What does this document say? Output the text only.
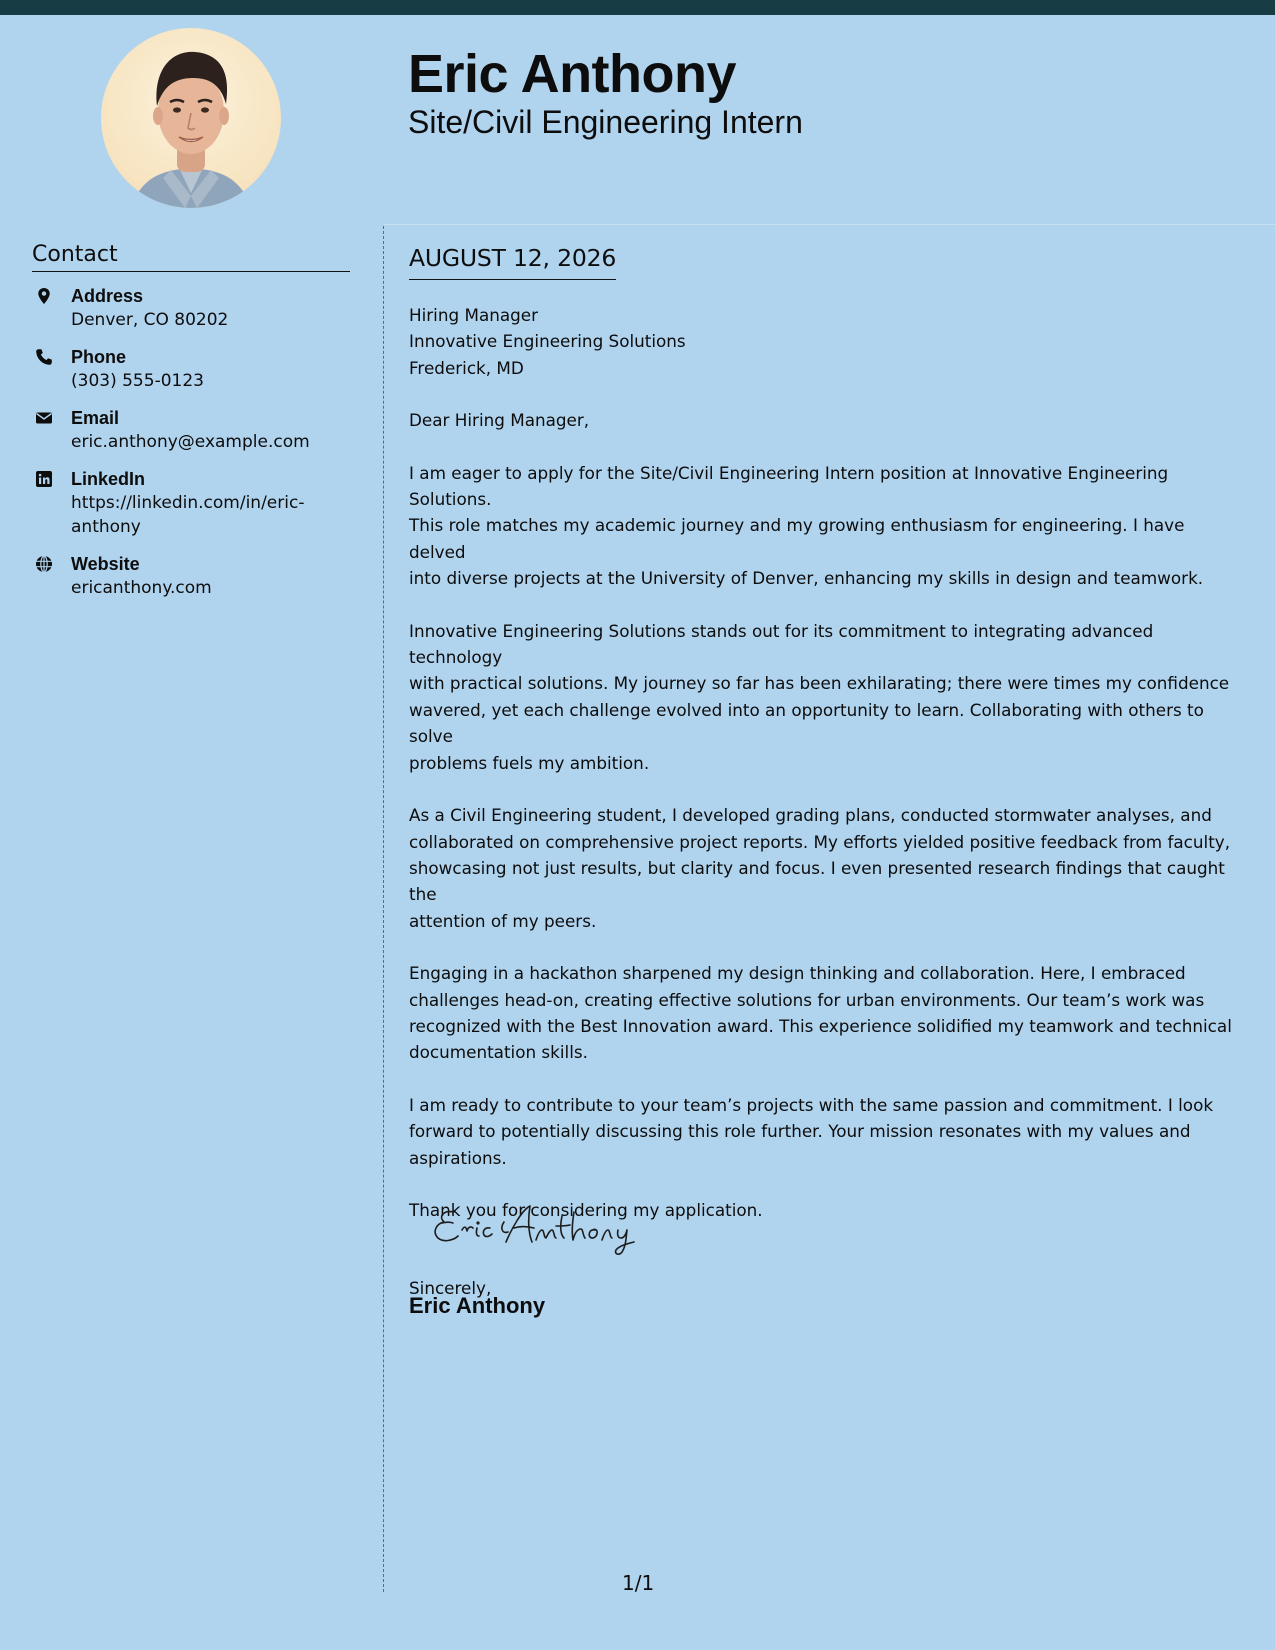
Eric Anthony
Site/Civil Engineering Intern
Contact
Address
Denver, CO 80202
Phone
(303) 555-0123
Email
eric.anthony@example.com
LinkedIn
https://linkedin.com/in/eric-
anthony
Website
ericanthony.com
AUGUST 12, 2026

Hiring Manager
Innovative Engineering Solutions
Frederick, MD

Dear Hiring Manager,

I am eager to apply for the Site/Civil Engineering Intern position at Innovative Engineering Solutions.
This role matches my academic journey and my growing enthusiasm for engineering. I have delved
into diverse projects at the University of Denver, enhancing my skills in design and teamwork.

Innovative Engineering Solutions stands out for its commitment to integrating advanced technology
with practical solutions. My journey so far has been exhilarating; there were times my confidence
wavered, yet each challenge evolved into an opportunity to learn. Collaborating with others to solve
problems fuels my ambition.

As a Civil Engineering student, I developed grading plans, conducted stormwater analyses, and
collaborated on comprehensive project reports. My efforts yielded positive feedback from faculty,
showcasing not just results, but clarity and focus. I even presented research findings that caught the
attention of my peers.

Engaging in a hackathon sharpened my design thinking and collaboration. Here, I embraced
challenges head-on, creating effective solutions for urban environments. Our team’s work was
recognized with the Best Innovation award. This experience solidified my teamwork and technical
documentation skills.

I am ready to contribute to your team’s projects with the same passion and commitment. I look
forward to potentially discussing this role further. Your mission resonates with my values and
aspirations.

Thank you for considering my application.

Sincerely,

Eric Anthony
1/1
